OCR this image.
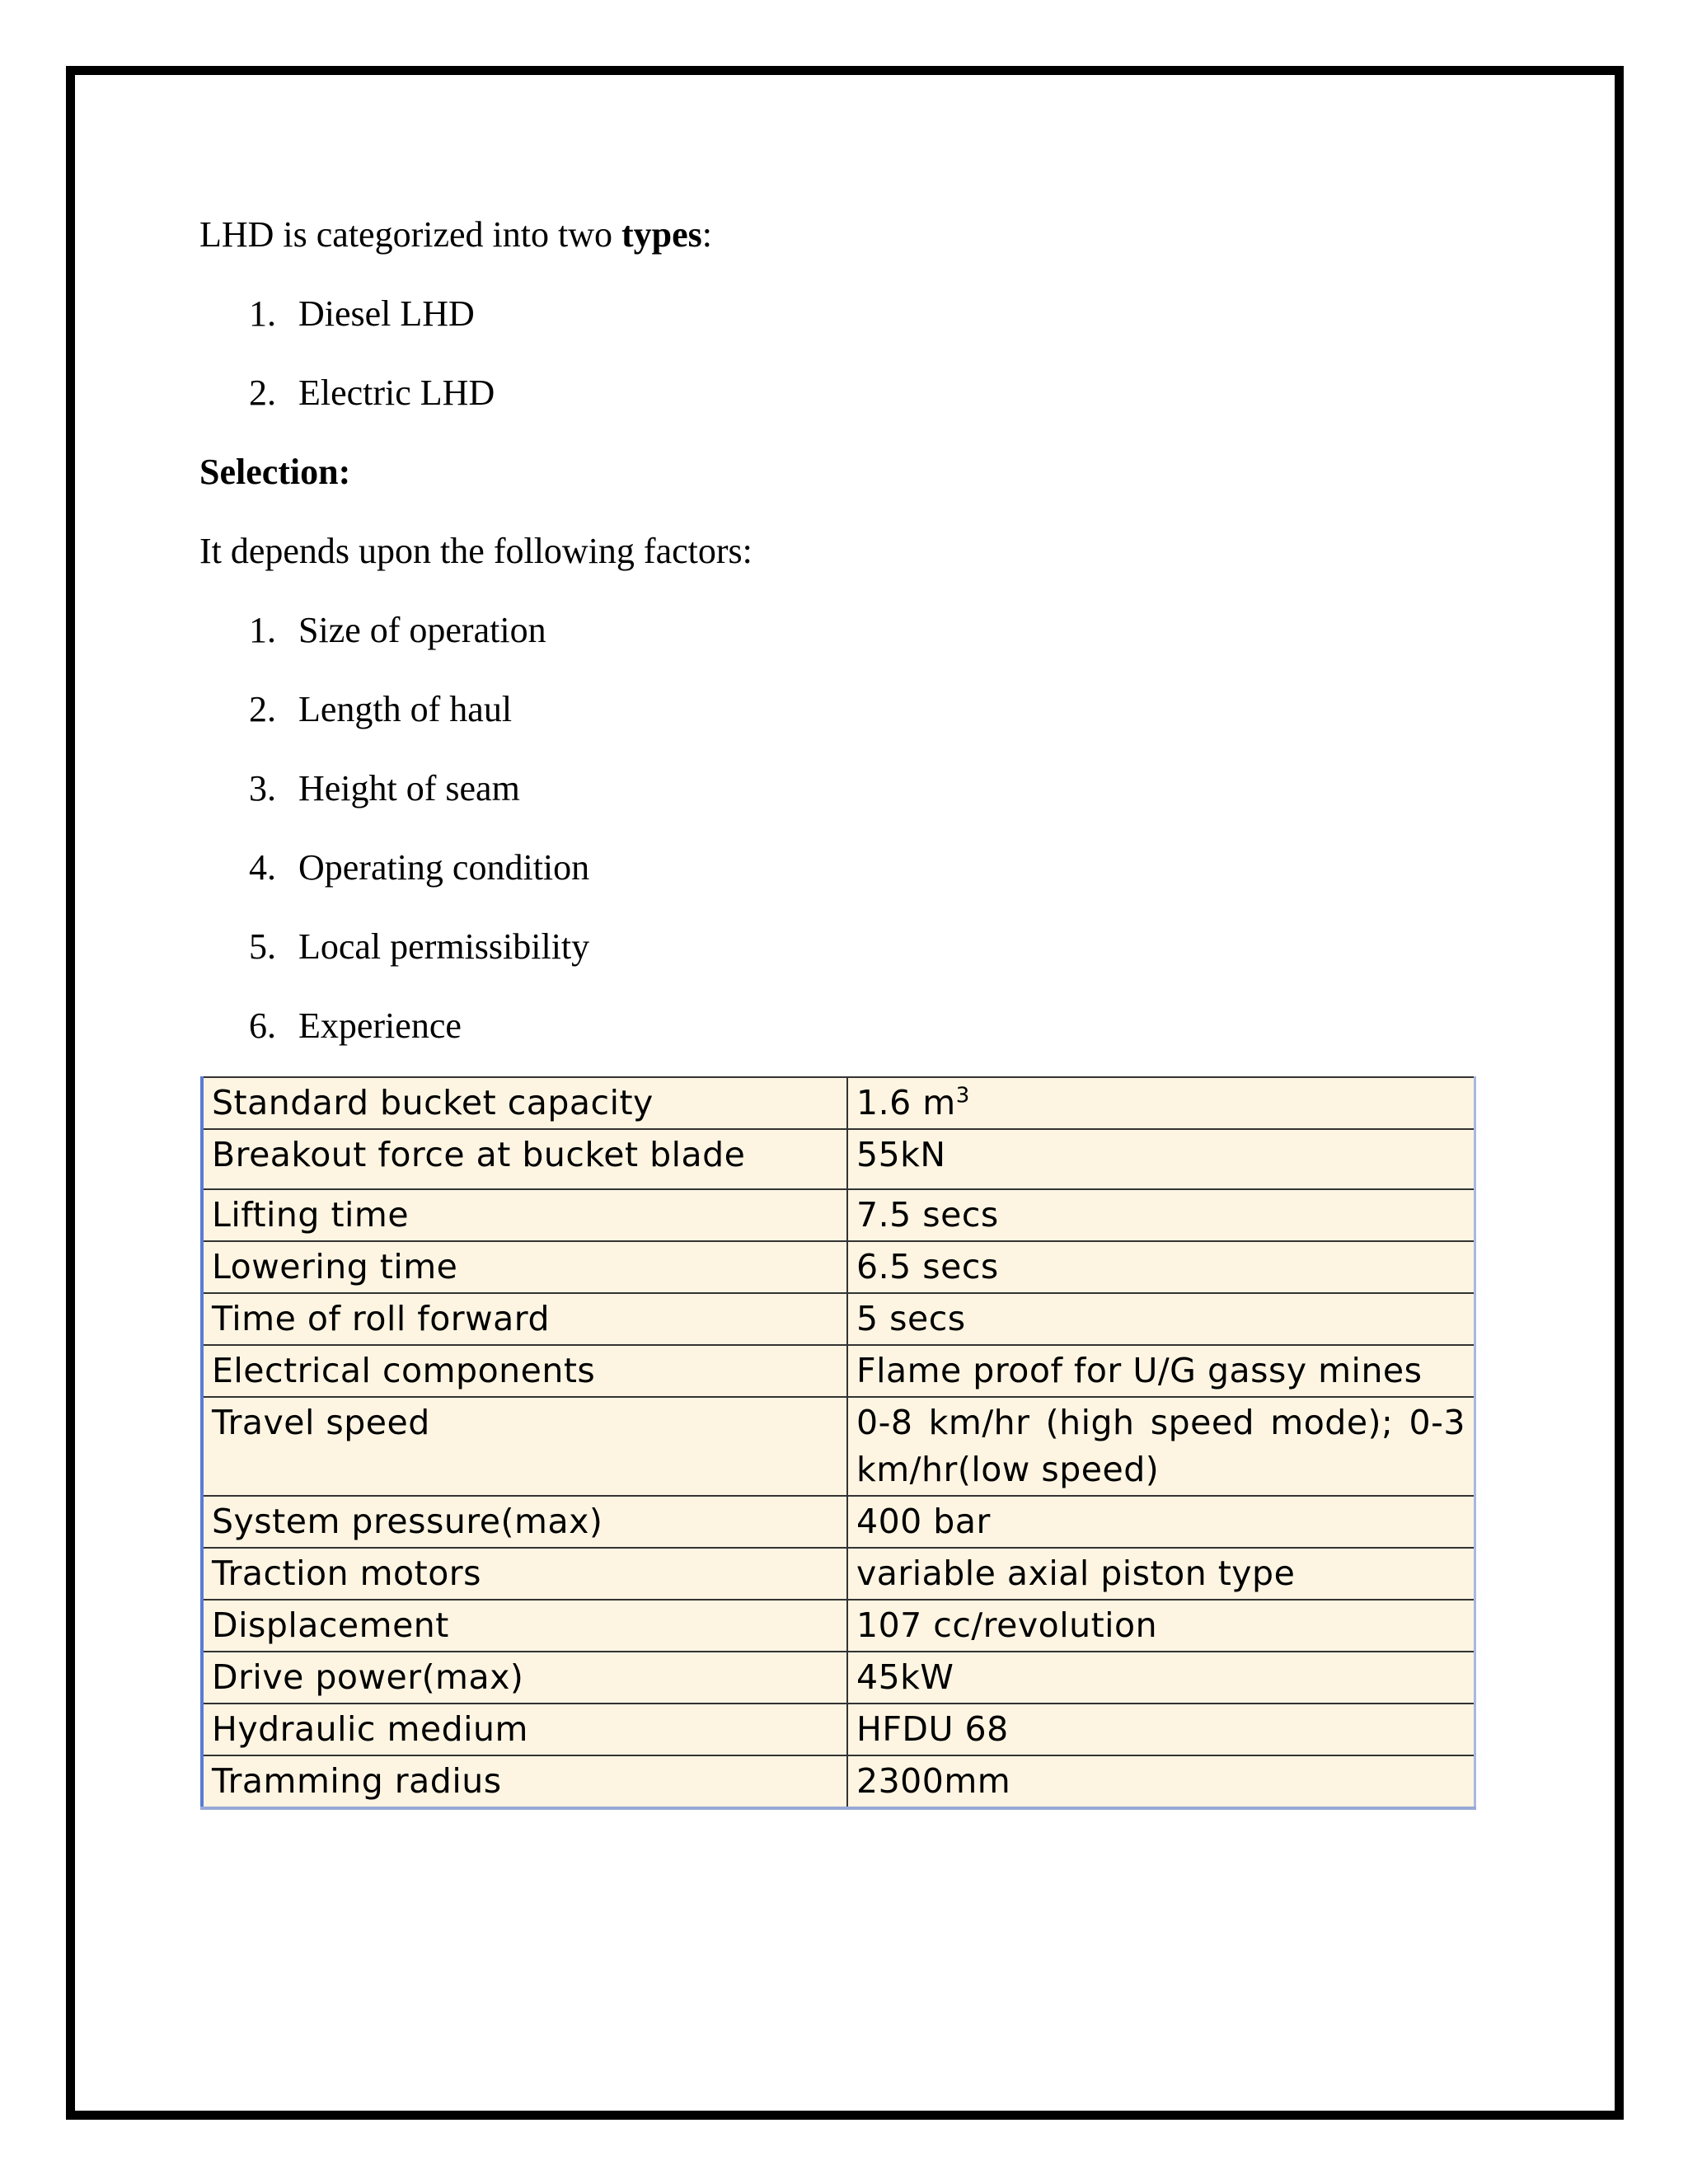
LHD is categorized into two types:

1. Diesel LHD
2. Electric LHD

Selection:

It depends upon the following factors:

1. Size of operation
2. Length of haul
3. Height of seam
4. Operating condition
5. Local permissibility
6. Experience
Standard bucket capacity	1.6 $m^3$
Breakout force at bucket blade	55kN
Lifting time	7.5 secs
Lowering time	6.5 secs
Time of roll forward	5 secs
Electrical components	Flame proof for U/G gassy mines
Travel speed	0-8 km/hr (high speed mode); 0-3 km/hr(low speed)
System pressure(max)	400 bar
Traction motors	variable axial piston type
Displacement	107 cc/revolution
Drive power(max)	45kW
Hydraulic medium	HFDU 68
Tramming radius	2300mm
